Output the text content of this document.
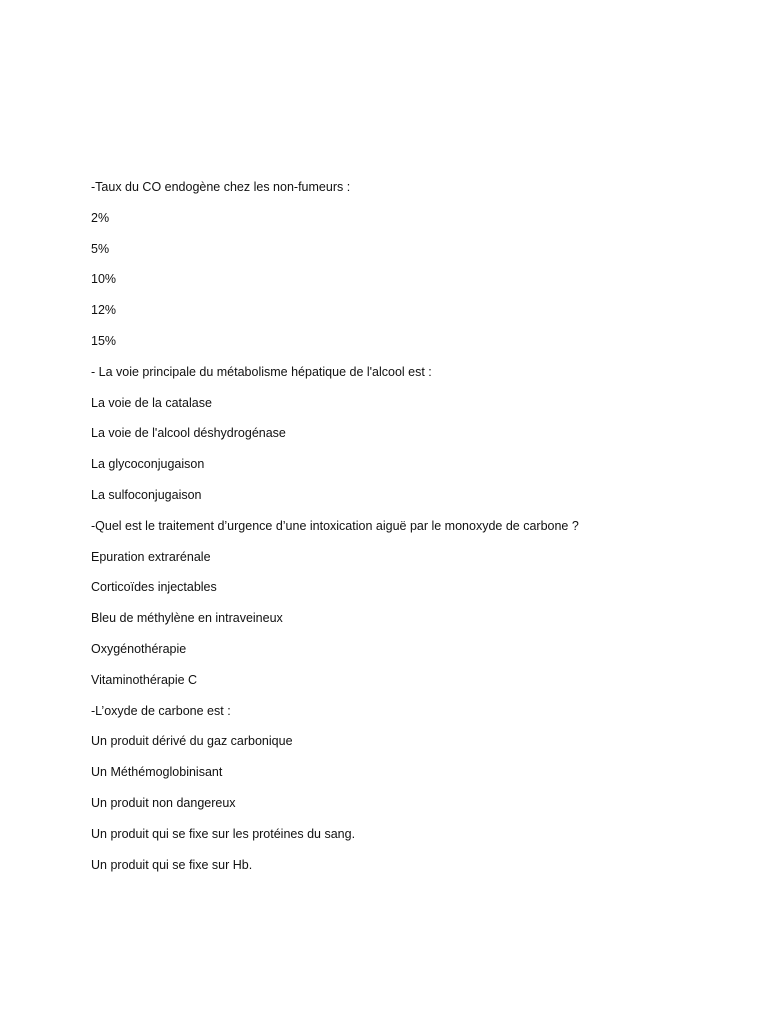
-Taux du CO endogène chez les non-fumeurs :
2%
5%
10%
12%
15%
- La voie principale du métabolisme hépatique de l'alcool est :
La voie de la catalase
La voie de l'alcool déshydrogénase
La glycoconjugaison
La sulfoconjugaison
-Quel est le traitement d’urgence d’une intoxication aiguë par le monoxyde de carbone ?
Epuration extrarénale
Corticoïdes injectables
Bleu de méthylène en intraveineux
Oxygénothérapie
Vitaminothérapie C
-L’oxyde de carbone est :
Un produit dérivé du gaz carbonique
Un Méthémoglobinisant
Un produit non dangereux
Un produit qui se fixe sur les protéines du sang.
Un produit qui se fixe sur Hb.
